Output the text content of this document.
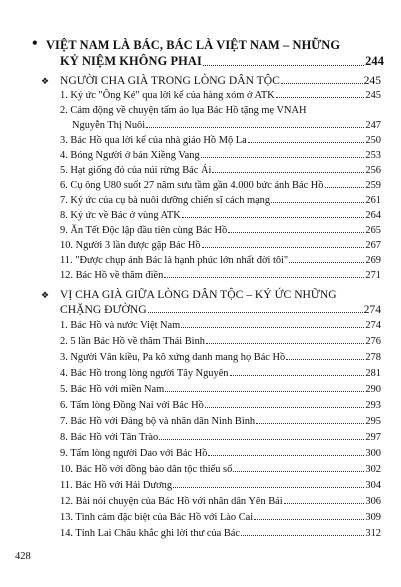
• VIỆT NAM LÀ BÁC, BÁC LÀ VIỆT NAM – NHỮNG
KỶ NIỆM KHÔNG PHAI	244
❖ NGƯỜI CHA GIÀ TRONG LÒNG DÂN TỘC	245
1. Ký ức "Ông Ké" qua lời kể của hàng xóm ở ATK	245
2. Cảm động về chuyện tấm áo lụa Bác Hồ tặng mẹ VNAH
Nguyễn Thị Nuôi	247
3. Bác Hồ qua lời kể của nhà giáo Hồ Mộ La	250
4. Bóng Người ở bản Xiềng Vang	253
5. Hạt giống đỏ của núi rừng Bác Ái	256
6. Cụ ông U80 suốt 27 năm sưu tầm gần 4.000 bức ảnh Bác Hồ	259
7. Ký ức của cụ bà nuôi dưỡng chiến sĩ cách mạng	261
8. Ký ức về Bác ở vùng ATK	264
9. Ăn Tết Độc lập đầu tiên cùng Bác Hồ	265
10. Người 3 lần được gặp Bác Hồ	267
11. "Được chụp ảnh Bác là hạnh phúc lớn nhất đời tôi"	269
12. Bác Hồ về thăm điền	271
❖ VỊ CHA GIÀ GIỮA LÒNG DÂN TỘC – KÝ ỨC NHỮNG
CHẶNG ĐƯỜNG	274
1. Bác Hồ và nước Việt Nam	274
2. 5 lần Bác Hồ về thăm Thái Bình	276
3. Người Vân kiều, Pa kô xứng danh mang họ Bác Hồ	278
4. Bác Hồ trong lòng người Tây Nguyên	281
5. Bác Hồ với miền Nam	290
6. Tấm lòng Đồng Nai với Bác Hồ	293
7. Bác Hồ với Đảng bộ và nhân dân Ninh Bình	295
8. Bác Hồ với Tân Trào	297
9. Tấm lòng người Dao với Bác Hồ	300
10. Bác Hồ với đồng bào dân tộc thiểu số	302
11. Bác Hồ với Hải Dương	304
12. Bài nói chuyện của Bác Hồ với nhân dân Yên Bái	306
13. Tình cảm đặc biệt của Bác Hồ với Lào Cai	309
14. Tỉnh Lai Châu khắc ghi lời thư của Bác	312
428
